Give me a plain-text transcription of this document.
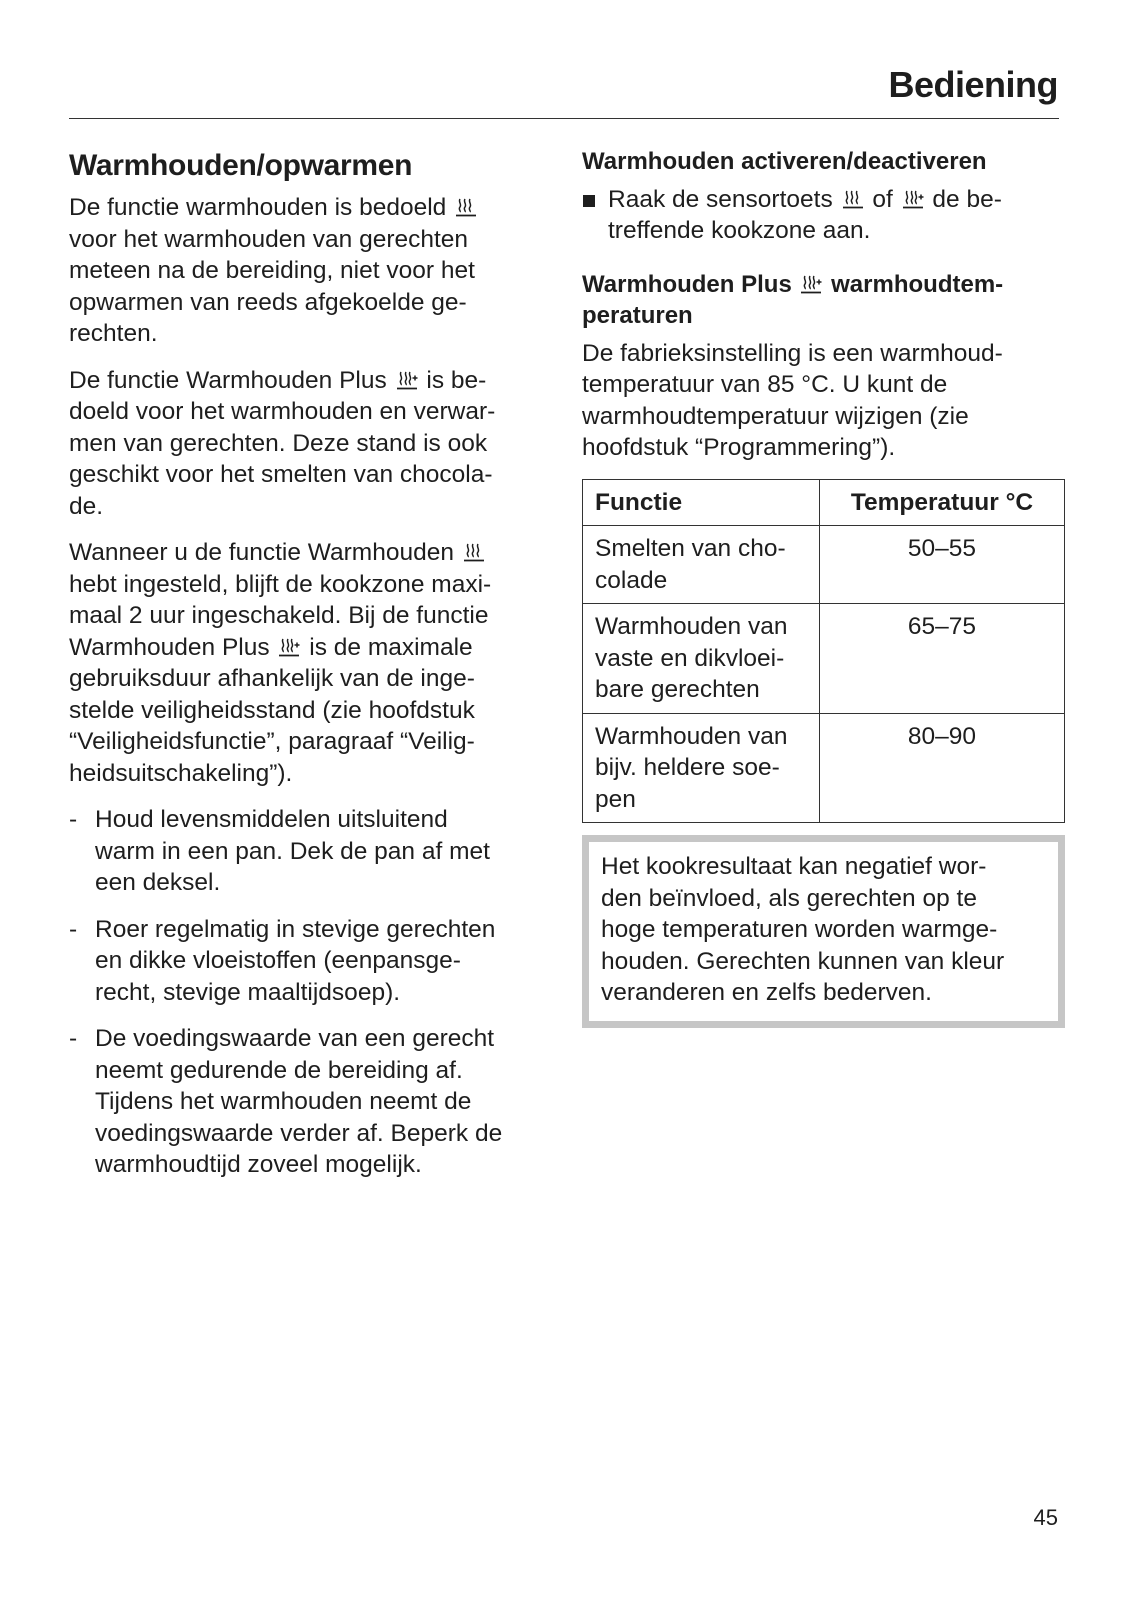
Bediening
Warmhouden/opwarmen

De functie warmhouden is bedoeld
voor het warmhouden van gerechten
meteen na de bereiding, niet voor het
opwarmen van reeds afgekoelde ge-
rechten.

De functie Warmhouden Plus is be-
doeld voor het warmhouden en verwar-
men van gerechten. Deze stand is ook
geschikt voor het smelten van chocola-
de.

Wanneer u de functie Warmhouden
hebt ingesteld, blijft de kookzone maxi-
maal 2 uur ingeschakeld. Bij de functie
Warmhouden Plus is de maximale
gebruiksduur afhankelijk van de inge-
stelde veiligheidsstand (zie hoofdstuk
“Veiligheidsfunctie”, paragraaf “Veilig-
heidsuitschakeling”).

- Houd levensmiddelen uitsluitend
warm in een pan. Dek de pan af met
een deksel.
- Roer regelmatig in stevige gerechten
en dikke vloeistoffen (eenpansge-
recht, stevige maaltijdsoep).
- De voedingswaarde van een gerecht
neemt gedurende de bereiding af.
Tijdens het warmhouden neemt de
voedingswaarde verder af. Beperk de
warmhoudtijd zoveel mogelijk.
Warmhouden activeren/deactiveren
Raak de sensortoets of de be-
treffende kookzone aan.
Warmhouden Plus warmhoudtem-
peraturen

De fabrieksinstelling is een warmhoud-
temperatuur van 85 °C. U kunt de
warmhoudtemperatuur wijzigen (zie
hoofdstuk “Programmering”).

Functie	Temperatuur °C

Smelten van cho-
colade	50–55

Warmhouden van
vaste en dikvloei-
bare gerechten	65–75

Warmhouden van
bijv. heldere soe-
pen	80–90
Het kookresultaat kan negatief wor-
den beïnvloed, als gerechten op te
hoge temperaturen worden warmge-
houden. Gerechten kunnen van kleur
veranderen en zelfs bederven.
45
